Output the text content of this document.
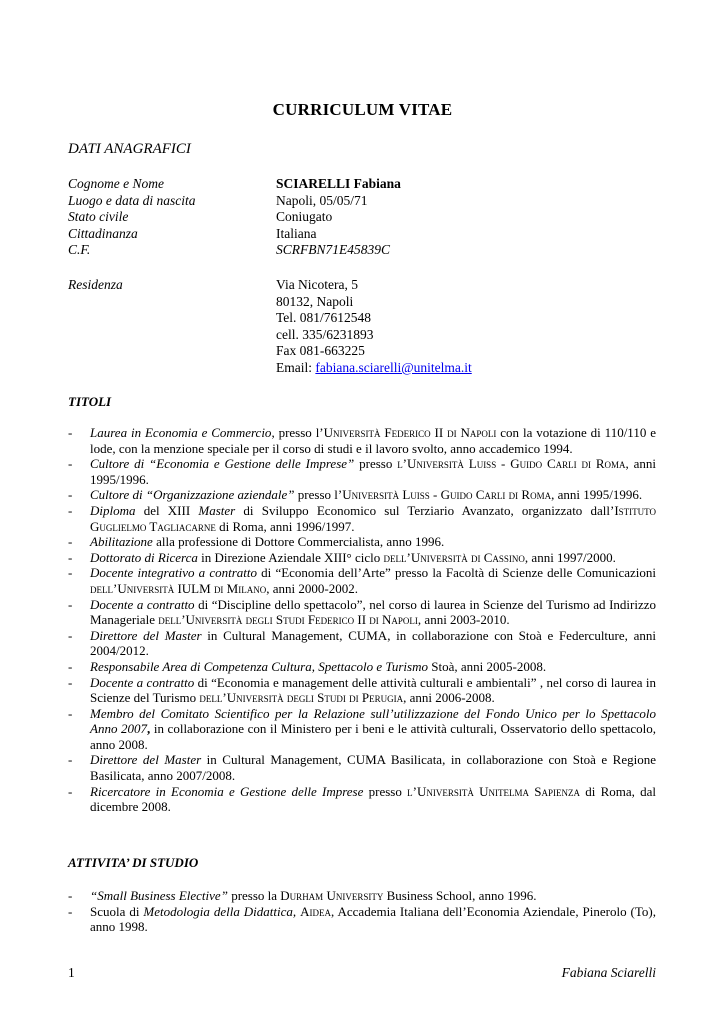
CURRICULUM VITAE
DATI ANAGRAFICI
Cognome e Nome	SCIARELLI Fabiana
Luogo e data di nascita	Napoli, 05/05/71
Stato civile	Coniugato
Cittadinanza	Italiana
C.F.	SCRFBN71E45839C
Residenza	Via Nicotera, 5
80132, Napoli
Tel. 081/7612548
cell. 335/6231893
Fax 081-663225
Email: fabiana.sciarelli@unitelma.it
TITOLI
- Laurea in Economia e Commercio, presso l’Università Federico II di Napoli con la votazione di 110/110 e lode, con la menzione speciale per il corso di studi e il lavoro svolto, anno accademico 1994.
- Cultore di “Economia e Gestione delle Imprese” presso l’Università Luiss - Guido Carli di Roma, anni 1995/1996.
- Cultore di “Organizzazione aziendale” presso l’Università Luiss - Guido Carli di Roma, anni 1995/1996.
- Diploma del XIII Master di Sviluppo Economico sul Terziario Avanzato, organizzato dall’Istituto Guglielmo Tagliacarne di Roma, anni 1996/1997.
- Abilitazione alla professione di Dottore Commercialista, anno 1996.
- Dottorato di Ricerca in Direzione Aziendale XIII° ciclo dell’Università di Cassino, anni 1997/2000.
- Docente integrativo a contratto di “Economia dell’Arte” presso la Facoltà di Scienze delle Comunicazioni dell’Università IULM di Milano, anni 2000-2002.
- Docente a contratto di “Discipline dello spettacolo”, nel corso di laurea in Scienze del Turismo ad Indirizzo Manageriale dell’Università degli Studi Federico II di Napoli, anni 2003-2010.
- Direttore del Master in Cultural Management, CUMA, in collaborazione con Stoà e Federculture, anni 2004/2012.
- Responsabile Area di Competenza Cultura, Spettacolo e Turismo Stoà, anni 2005-2008.
- Docente a contratto di “Economia e management delle attività culturali e ambientali” , nel corso di laurea in Scienze del Turismo dell’Università degli Studi di Perugia, anni 2006-2008.
- Membro del Comitato Scientifico per la Relazione sull’utilizzazione del Fondo Unico per lo Spettacolo Anno 2007, in collaborazione con il Ministero per i beni e le attività culturali, Osservatorio dello spettacolo, anno 2008.
- Direttore del Master in Cultural Management, CUMA Basilicata, in collaborazione con Stoà e Regione Basilicata, anno 2007/2008.
- Ricercatore in Economia e Gestione delle Imprese presso l’Università Unitelma Sapienza di Roma, dal dicembre 2008.
ATTIVITA’ DI STUDIO
- “Small Business Elective” presso la Durham University Business School, anno 1996.
- Scuola di Metodologia della Didattica, Aidea, Accademia Italiana dell’Economia Aziendale, Pinerolo (To), anno 1998.
1	Fabiana Sciarelli
